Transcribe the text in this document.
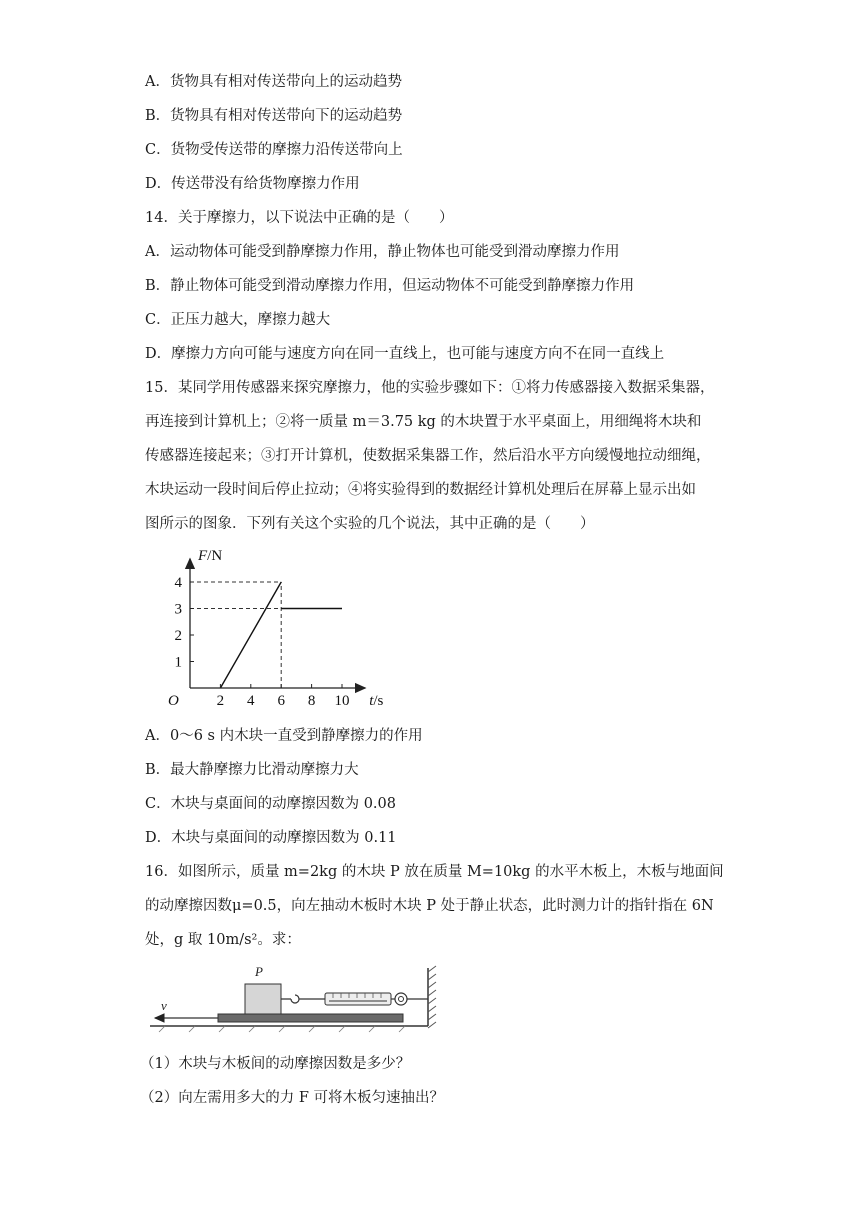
A．货物具有相对传送带向上的运动趋势
B．货物具有相对传送带向下的运动趋势
C．货物受传送带的摩擦力沿传送带向上
D．传送带没有给货物摩擦力作用
14．关于摩擦力，以下说法中正确的是（　　）
A．运动物体可能受到静摩擦力作用，静止物体也可能受到滑动摩擦力作用
B．静止物体可能受到滑动摩擦力作用，但运动物体不可能受到静摩擦力作用
C．正压力越大，摩擦力越大
D．摩擦力方向可能与速度方向在同一直线上，也可能与速度方向不在同一直线上
15．某同学用传感器来探究摩擦力，他的实验步骤如下：①将力传感器接入数据采集器，
再连接到计算机上；②将一质量 m＝3.75 kg 的木块置于水平桌面上，用细绳将木块和
传感器连接起来；③打开计算机，使数据采集器工作，然后沿水平方向缓慢地拉动细绳，
木块运动一段时间后停止拉动；④将实验得到的数据经计算机处理后在屏幕上显示出如
图所示的图象．下列有关这个实验的几个说法，其中正确的是（　　）
2 4 6 8 10
1
2
3
4
O
F/N
t/s
A．0～6 s 内木块一直受到静摩擦力的作用
B．最大静摩擦力比滑动摩擦力大
C．木块与桌面间的动摩擦因数为 0.08
D．木块与桌面间的动摩擦因数为 0.11
16．如图所示，质量 m=2kg 的木块 P 放在质量 M=10kg 的水平木板上，木板与地面间
的动摩擦因数μ=0.5，向左抽动木板时木块 P 处于静止状态，此时测力计的指针指在 6N
处，g 取 10m/s²。求：
v
P
（1）木块与木板间的动摩擦因数是多少？
（2）向左需用多大的力 F 可将木板匀速抽出？
